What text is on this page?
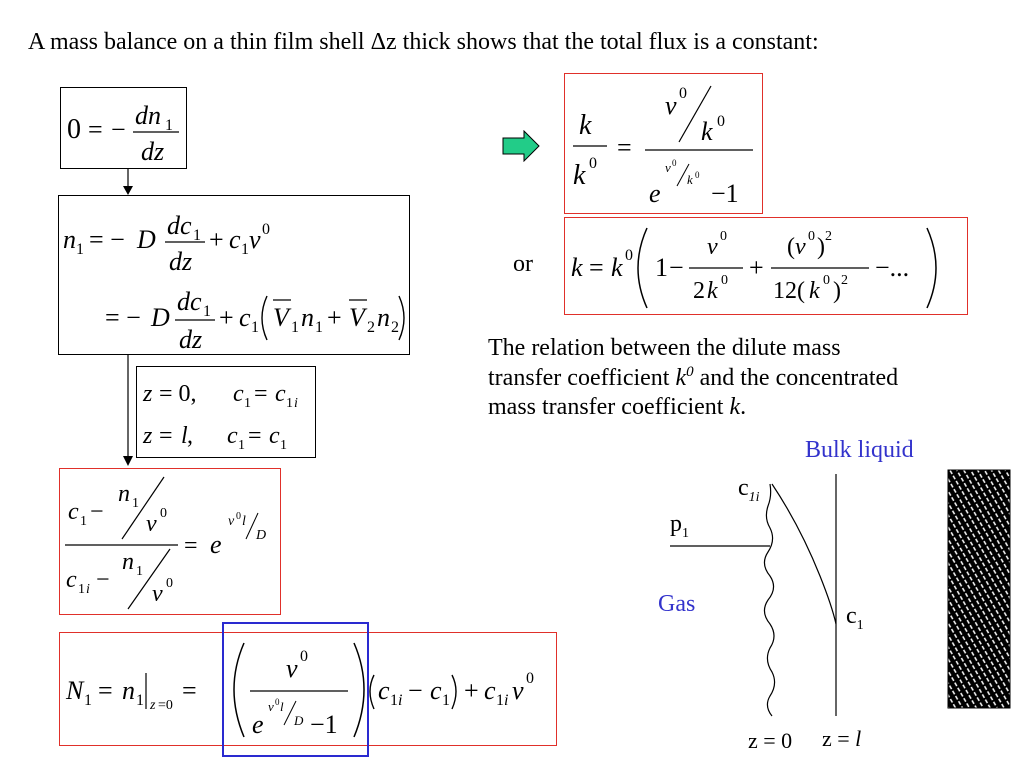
A mass balance on a thin film shell Δz thick shows that the total flux is a constant:
0 = − dn 1
dz
n 1 = − D dc 1
dz
+ c 1 v 0
= − D
dc 1
dz
+ c 1 V 1 n 1 + V 2 n 2
z = 0, c 1 = c 1 i
z = l , c 1 = c 1
c 1 −
n 1
v 0
c 1 i −
n 1
v 0
= e
v 0 l
D
N 1 = n 1 z =0
=
v 0
e
v 0 l
D −1
c 1 i − c 1 + c 1 i v 0
k
k 0
=
v 0
k 0
e
v 0
k 0
−1
or k = k 0 1 −
v 0
2 k 0 +
( v 0 ) 2
12( k 0 ) 2 −...
The relation between the dilute mass
transfer coefficient $k^0$ and the concentrated
mass transfer coefficient k.
Bulk liquid
$c_{1i}$
$p_1$
Gas	$c_1$
z = 0 z = l
